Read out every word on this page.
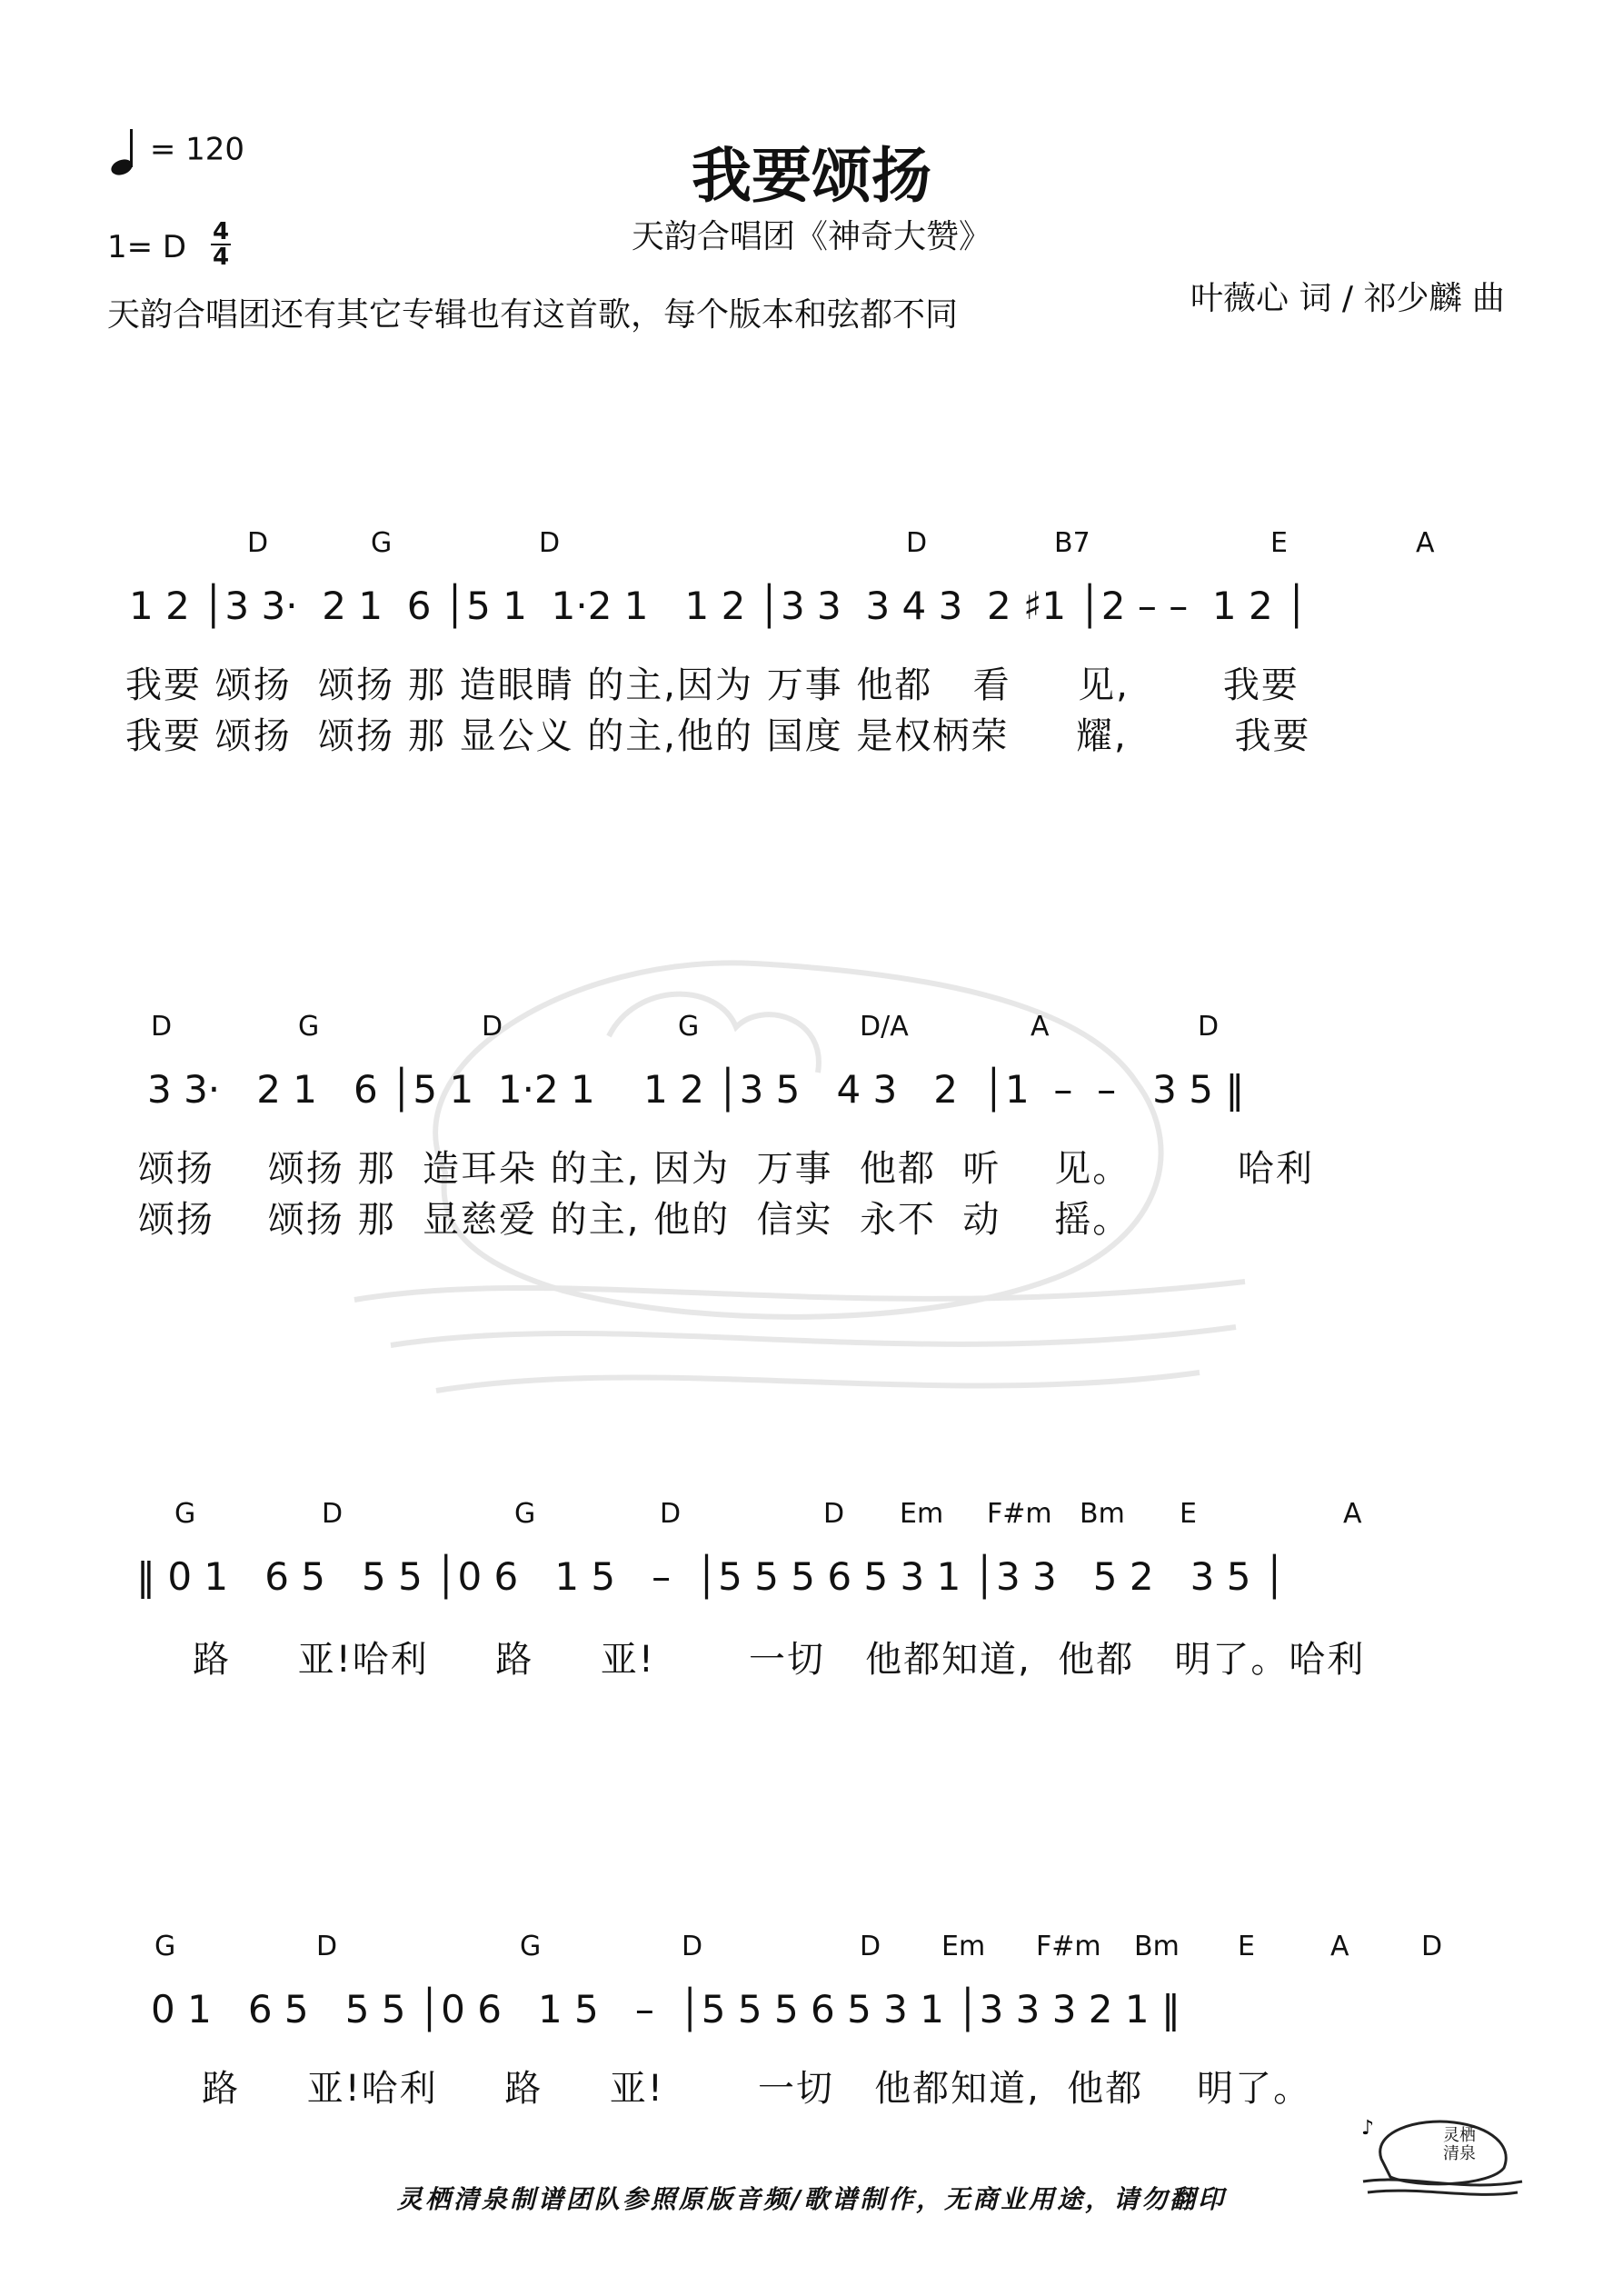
= 120	我要颂扬
天韵合唱团《神奇大赞》
1= D 4
4
天韵合唱团还有其它专辑也有这首歌，每个版本和弦都不同	叶薇心 词 / 祁少麟 曲
D	G	D	D	B7	E	A
1 2 │3 3·  2 1  6 │5 1  1·2 1   1 2 │3 3  3 4 3  2 ♯1 │2 – –  1 2 │
我要 颂扬  颂扬 那 造眼睛 的主,因为 万事 他都   看     见,       我要
我要 颂扬  颂扬 那 显公义 的主,他的 国度 是权柄荣     耀,        我要
D	G	D	G	D/A	A	D
3 3·   2 1   6 │5 1  1·2 1    1 2 │3 5   4 3   2  │1  –  –   3 5 ‖
颂扬    颂扬 那  造耳朵 的主, 因为  万事  他都  听    见。        哈利
颂扬    颂扬 那  显慈爱 的主, 他的  信实  永不  动    摇。
G	D	G	D	D Em F#m Bm E	A
‖ 0 1   6 5   5 5 │0 6   1 5   –  │5 5 5 6 5 3 1 │3 3   5 2   3 5 │
路     亚!哈利     路     亚!       一切   他都知道,  他都   明了。哈利
G	D	G	D	D Em F#m Bm E	A	D
0 1   6 5   5 5 │0 6   1 5   –  │5 5 5 6 5 3 1 │3 3 3 2 1 ‖
路     亚!哈利     路     亚!       一切   他都知道,  他都    明了。
灵栖清泉制谱团队参照原版音频/歌谱制作，无商业用途，请勿翻印
♪	灵栖清泉
